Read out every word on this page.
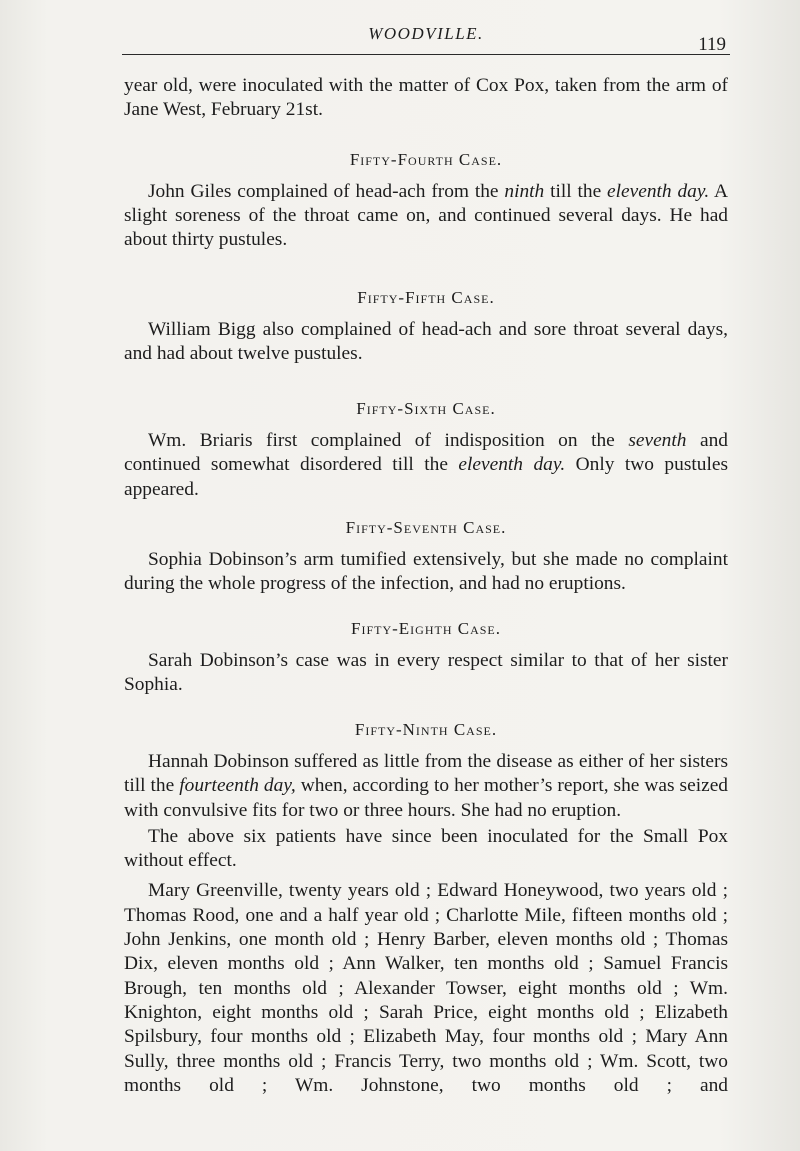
WOODVILLE.
119

year old, were inoculated with the matter of Cox Pox, taken from the arm of Jane West, February 21st.

Fifty-Fourth Case.

John Giles complained of head-ach from the ninth till the eleventh day. A slight soreness of the throat came on, and continued several days. He had about thirty pustules.

Fifty-Fifth Case.

William Bigg also complained of head-ach and sore throat several days, and had about twelve pustules.

Fifty-Sixth Case.

Wm. Briaris first complained of indisposition on the seventh and continued somewhat disordered till the eleventh day. Only two pustules appeared.

Fifty-Seventh Case.

Sophia Dobinson’s arm tumified extensively, but she made no complaint during the whole progress of the infection, and had no eruptions.

Fifty-Eighth Case.

Sarah Dobinson’s case was in every respect similar to that of her sister Sophia.

Fifty-Ninth Case.

Hannah Dobinson suffered as little from the disease as either of her sisters till the fourteenth day, when, according to her mother’s report, she was seized with convulsive fits for two or three hours. She had no eruption.

The above six patients have since been inoculated for the Small Pox without effect.

Mary Greenville, twenty years old ; Edward Honeywood, two years old ; Thomas Rood, one and a half year old ; Charlotte Mile, fifteen months old ; John Jenkins, one month old ; Henry Barber, eleven months old ; Thomas Dix, eleven months old ; Ann Walker, ten months old ; Samuel Francis Brough, ten months old ; Alexander Towser, eight months old ; Wm. Knighton, eight months old ; Sarah Price, eight months old ; Elizabeth Spilsbury, four months old ; Elizabeth May, four months old ; Mary Ann Sully, three months old ; Francis Terry, two months old ; Wm. Scott, two months old ; Wm. Johnstone, two months old ; and
